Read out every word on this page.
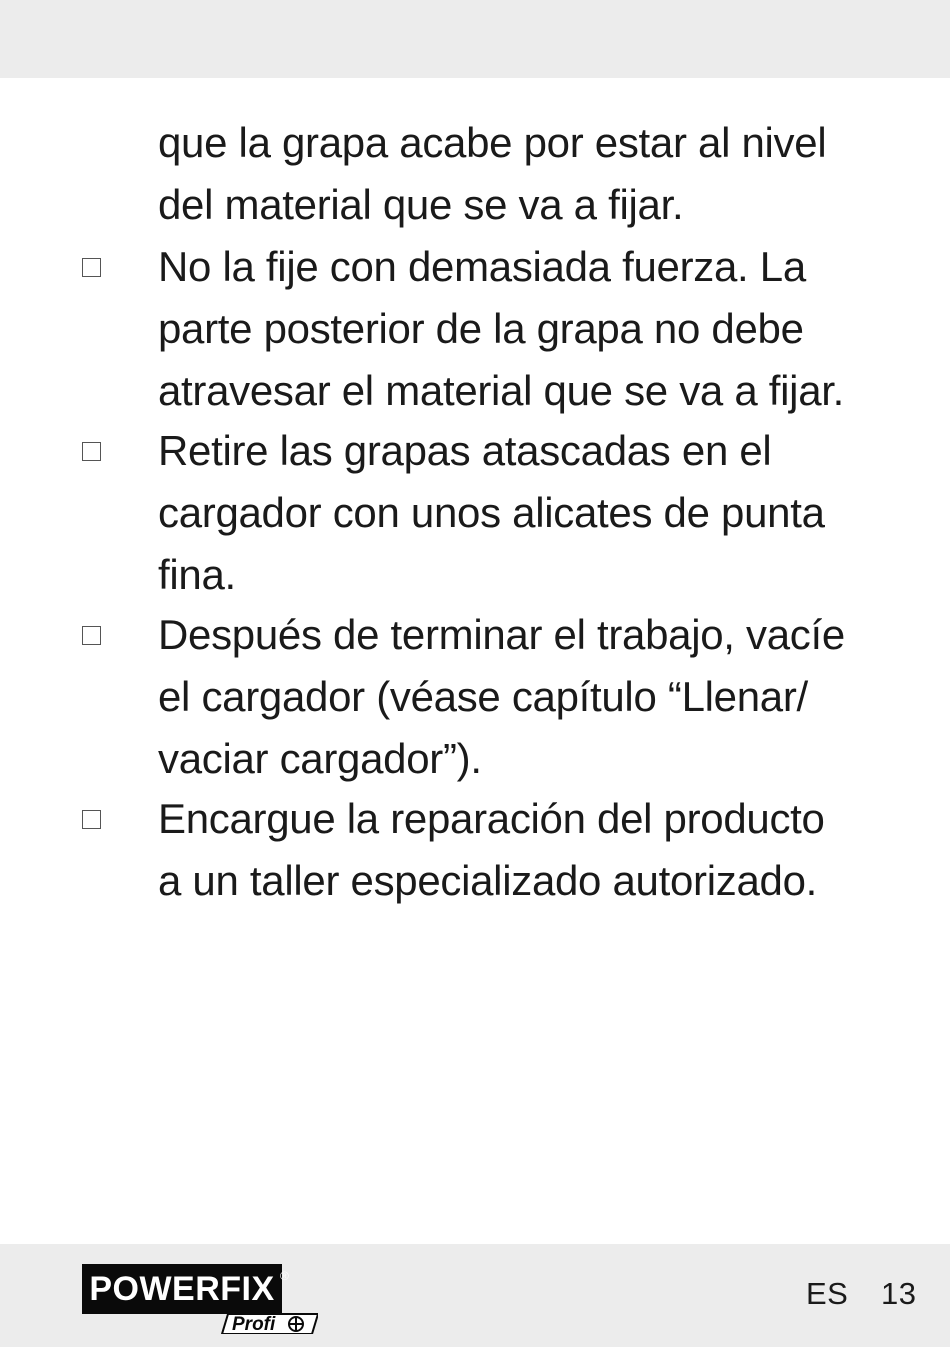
que la grapa acabe por estar al nivel
del material que se va a fijar.
No la fije con demasiada fuerza. La
parte posterior de la grapa no debe
atravesar el material que se va a fijar.
Retire las grapas atascadas en el
cargador con unos alicates de punta
fina.
Después de terminar el trabajo, vacíe
el cargador (véase capítulo “Llenar/
vaciar cargador”).
Encargue la reparación del producto
a un taller especializado autorizado.
POWERFIX ®
Profi
ES 13
